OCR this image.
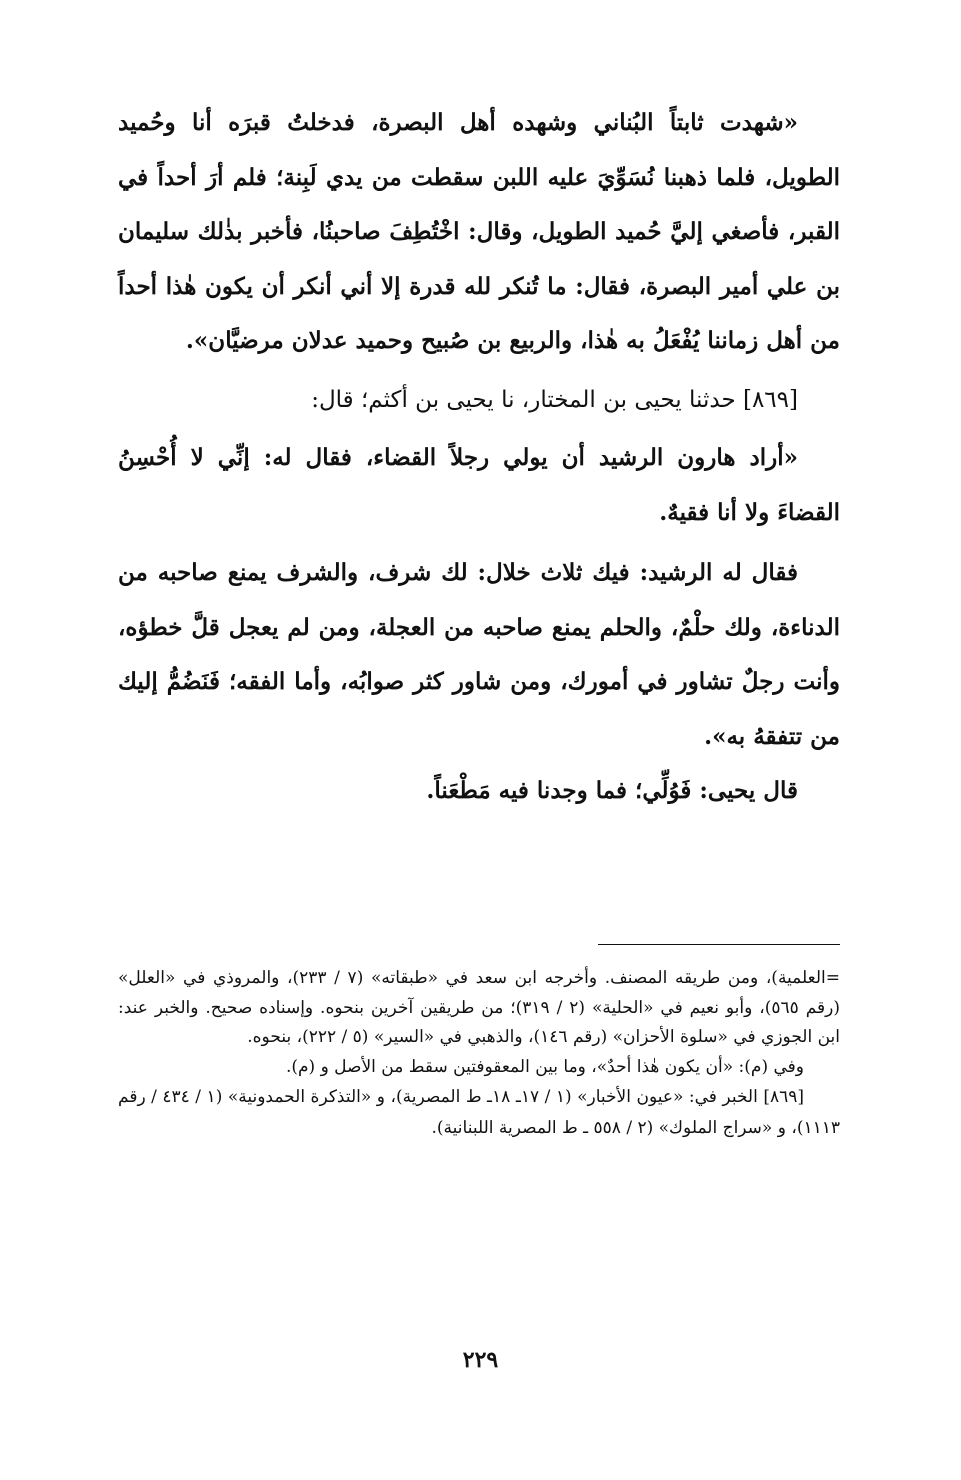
«شهدت ثابتاً البُناني وشهده أهل البصرة، فدخلتُ قبرَه أنا وحُميد الطويل، فلما ذهبنا نُسَوِّيَ عليه اللبن سقطت من يدي لَبِنة؛ فلم أرَ أحداً في القبر، فأصغي إليَّ حُميد الطويل، وقال: اخْتُطِفَ صاحبنُا، فأخبر بذٰلك سليمان بن علي أمير البصرة، فقال: ما تُنكر لله قدرة إلا أني أنكر أن يكون هٰذا أحداً من أهل زماننا يُفْعَلُ به هٰذا، والربيع بن صُبيح وحميد عدلان مرضيَّان».

[٨٦٩] حدثنا يحيى بن المختار، نا يحيى بن أكثم؛ قال:

«أراد هارون الرشيد أن يولي رجلاً القضاء، فقال له: إنِّي لا أُحْسِنُ القضاءَ ولا أنا فقيهٌ.

فقال له الرشيد: فيك ثلاث خلال: لك شرف، والشرف يمنع صاحبه من الدناءة، ولك حلْمٌ، والحلم يمنع صاحبه من العجلة، ومن لم يعجل قلَّ خطؤه، وأنت رجلٌ تشاور في أمورك، ومن شاور كثر صوابُه، وأما الفقه؛ فَنَضُمُّ إليك من تتفقهُ به».

قال يحيى: فَوُلِّي؛ فما وجدنا فيه مَطْعَناً.

=العلمية)، ومن طريقه المصنف. وأخرجه ابن سعد في «طبقاته» (٧ / ٢٣٣)، والمروذي في «العلل» (رقم ٥٦٥)، وأبو نعيم في «الحلية» (٢ / ٣١٩)؛ من طريقين آخرين بنحوه. وإسناده صحيح. والخبر عند: ابن الجوزي في «سلوة الأحزان» (رقم ١٤٦)، والذهبي في «السير» (٥ / ٢٢٢)، بنحوه.

وفي (م): «أن يكون هٰذا أحدٌ»، وما بين المعقوفتين سقط من الأصل و (م).

[٨٦٩] الخبر في: «عيون الأخبار» (١ / ١٧ـ ١٨ـ ط المصرية)، و «التذكرة الحمدونية» (١ / ٤٣٤ / رقم ١١١٣)، و «سراج الملوك» (٢ / ٥٥٨ ـ ط المصرية اللبنانية).

٢٢٩
